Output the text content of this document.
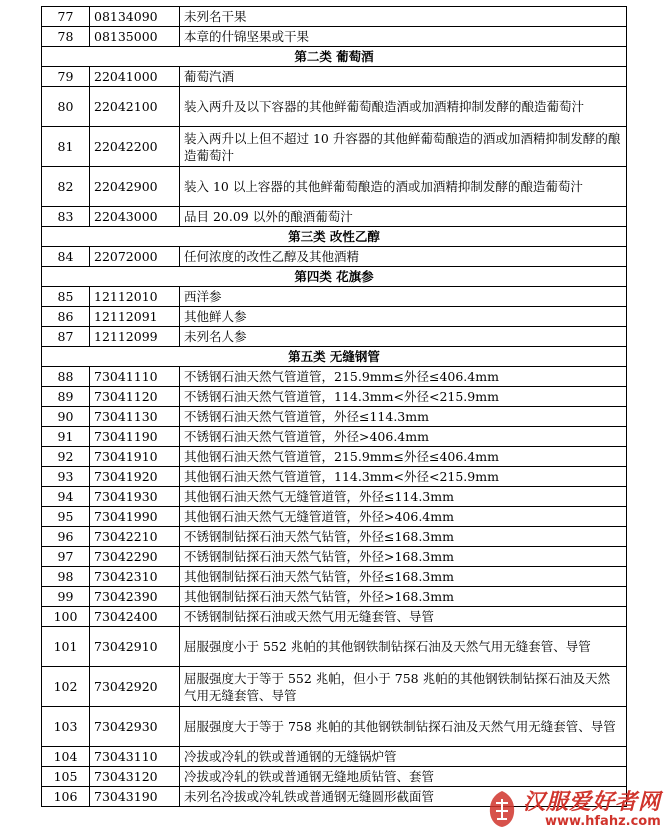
77	08134090	未列名干果
78	08135000	本章的什锦坚果或干果
第二类 葡萄酒		
79	22041000	葡萄汽酒
80	22042100	装入两升及以下容器的其他鲜葡萄酿造酒或加酒精抑制发酵的酿造葡萄汁
81	22042200	装入两升以上但不超过 10 升容器的其他鲜葡萄酿造的酒或加酒精抑制发酵的酿造葡萄汁
82	22042900	装入 10 以上容器的其他鲜葡萄酿造的酒或加酒精抑制发酵的酿造葡萄汁
83	22043000	品目 20.09 以外的酿酒葡萄汁
第三类 改性乙醇		
84	22072000	任何浓度的改性乙醇及其他酒精
第四类 花旗参		
85	12112010	西洋参
86	12112091	其他鲜人参
87	12112099	未列名人参
第五类 无缝钢管		
88	73041110	不锈钢石油天然气管道管，215.9mm≤外径≤406.4mm
89	73041120	不锈钢石油天然气管道管，114.3mm<外径<215.9mm
90	73041130	不锈钢石油天然气管道管，外径≤114.3mm
91	73041190	不锈钢石油天然气管道管，外径>406.4mm
92	73041910	其他钢石油天然气管道管，215.9mm≤外径≤406.4mm
93	73041920	其他钢石油天然气管道管，114.3mm<外径<215.9mm
94	73041930	其他钢石油天然气无缝管道管，外径≤114.3mm
95	73041990	其他钢石油天然气无缝管道管，外径>406.4mm
96	73042210	不锈钢制钻探石油天然气钻管，外径≤168.3mm
97	73042290	不锈钢制钻探石油天然气钻管，外径>168.3mm
98	73042310	其他钢制钻探石油天然气钻管，外径≤168.3mm
99	73042390	其他钢制钻探石油天然气钻管，外径>168.3mm
100	73042400	不锈钢制钻探石油或天然气用无缝套管、导管
101	73042910	屈服强度小于 552 兆帕的其他钢铁制钻探石油及天然气用无缝套管、导管
102	73042920	屈服强度大于等于 552 兆帕，但小于 758 兆帕的其他钢铁制钻探石油及天然气用无缝套管、导管
103	73042930	屈服强度大于等于 758 兆帕的其他钢铁制钻探石油及天然气用无缝套管、导管
104	73043110	冷拔或冷轧的铁或普通钢的无缝锅炉管
105	73043120	冷拔或冷轧的铁或普通钢无缝地质钻管、套管
106	73043190	未列名冷拔或冷轧铁或普通钢无缝圆形截面管	汉服爱好者网
www.hfahz.com
